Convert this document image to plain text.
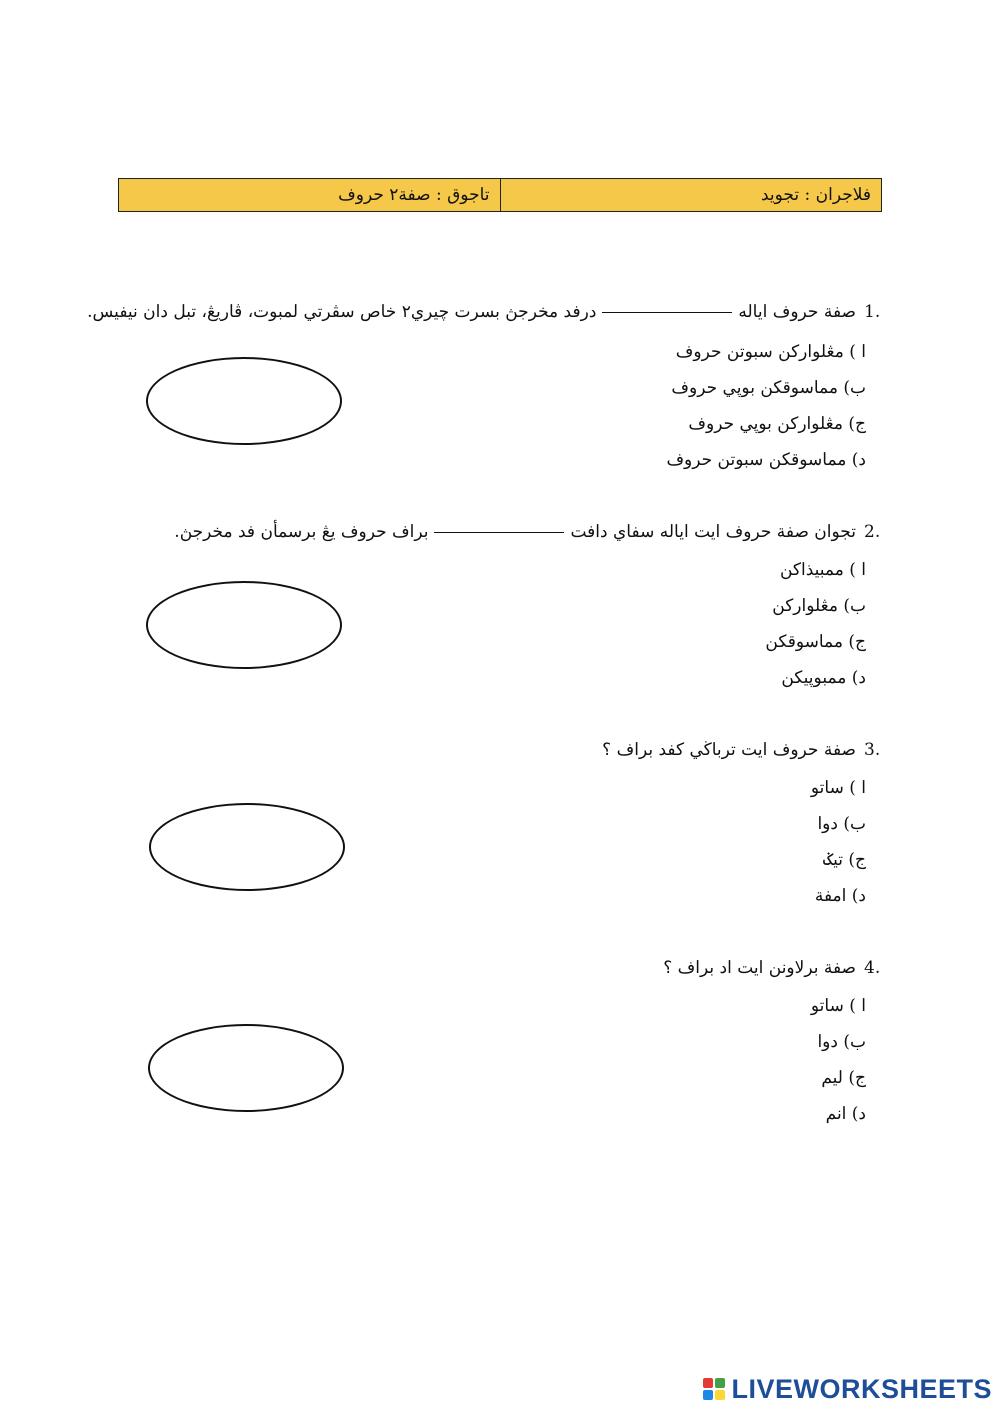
فلاجران : تجويد
تاجوق : صفة٢ حروف
1.صفة حروف ايالهدرفد مخرجڽ بسرت چيري٢ خاص سڤرتي لمبوت، ڤاريڠ، تبل دان نيفيس.
ا ) مڠلواركن سبوتن حروف
ب) مماسوقكن بوڽي حروف
ج) مڠلواركن بوڽي حروف
د) مماسوقكن سبوتن حروف
2.تجوان صفة حروف ايت اياله سفاي دافتبراف حروف يڠ برسمأن فد مخرجڽ.
ا ) ممبيذاكن
ب) مڠلواركن
ج) مماسوقكن
د) ممبوڽيكن
3.صفة حروف ايت ترباڬي كفد براف ؟
ا ) ساتو
ب) دوا
ج) تيݢ
د) امفة
4.صفة برلاونن ايت اد براف ؟
ا ) ساتو
ب) دوا
ج) ليم
د) انم
LIVEWORKSHEETS
